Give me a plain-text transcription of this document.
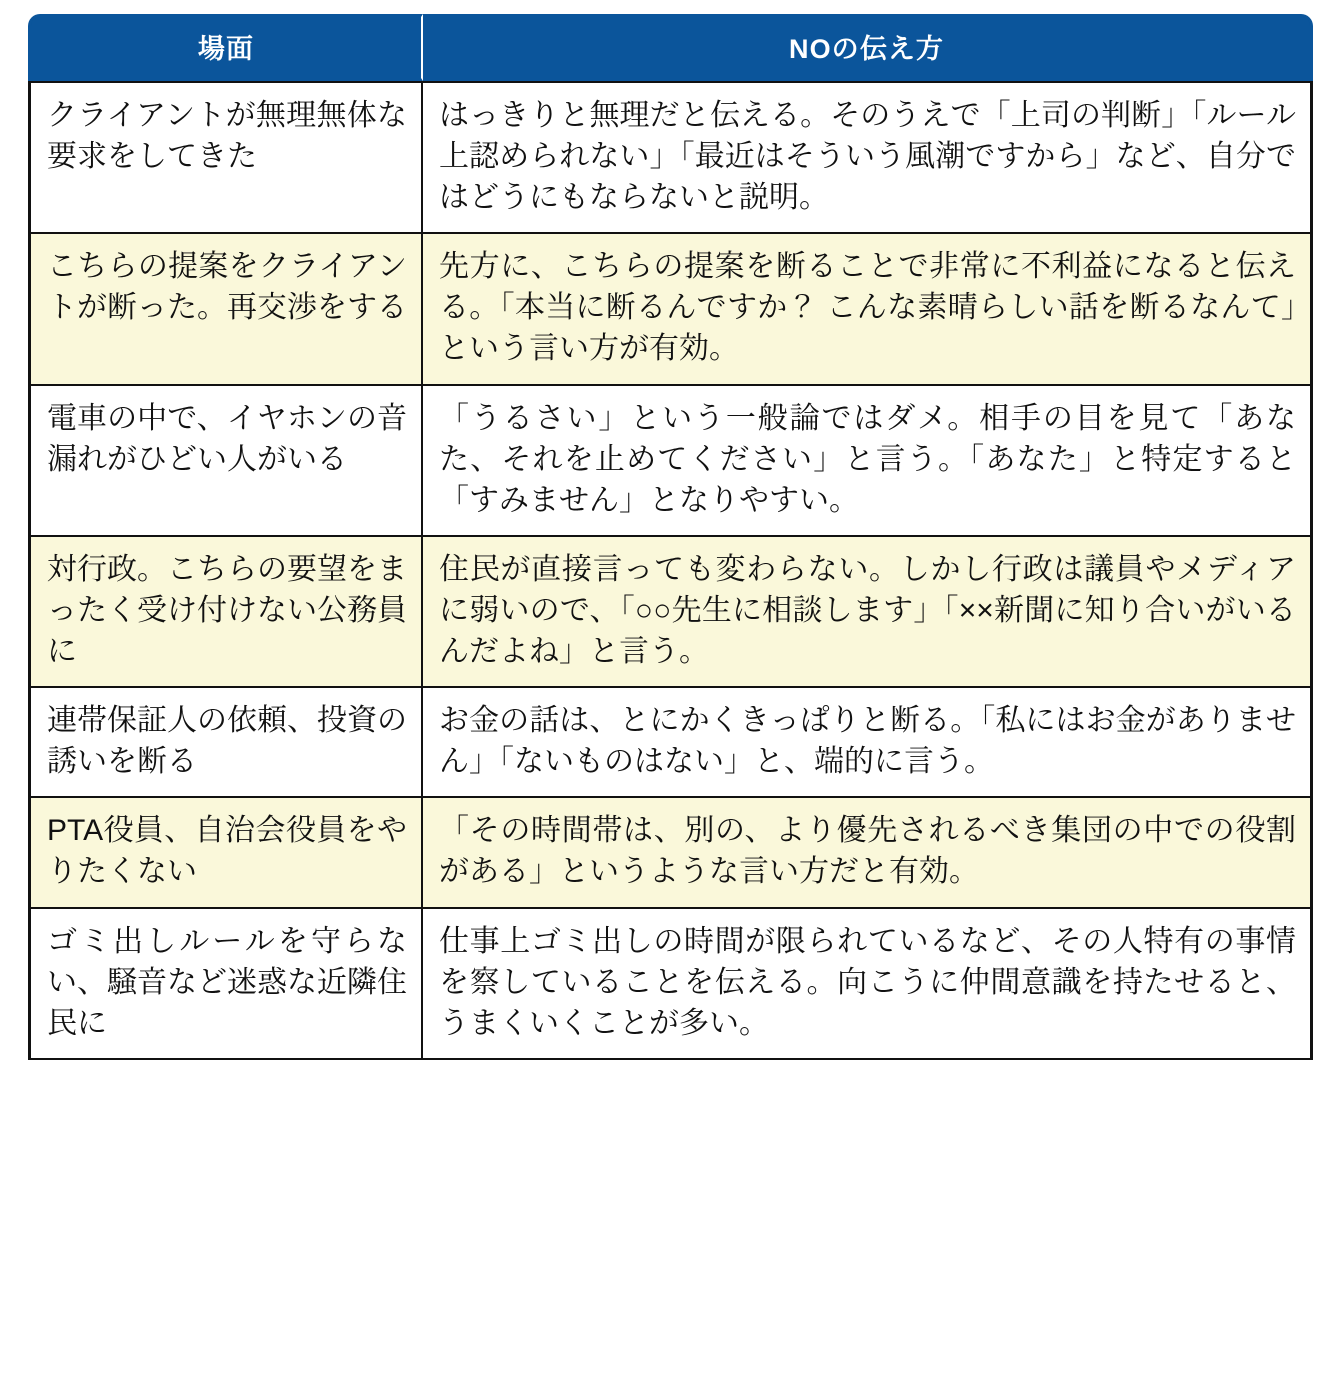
場面	NOの伝え方

クライアントが無理無体な要求をしてきた	はっきりと無理だと伝える。そのうえで「上司の判断」「ルール上認められない」「最近はそういう風潮ですから」など、自分ではどうにもならないと説明。

こちらの提案をクライアントが断った。再交渉をする	先方に、こちらの提案を断ることで非常に不利益になると伝える。「本当に断るんですか？ こんな素晴らしい話を断るなんて」という言い方が有効。

電車の中で、イヤホンの音漏れがひどい人がいる	「うるさい」という一般論ではダメ。相手の目を見て「あなた、それを止めてください」と言う。「あなた」と特定すると「すみません」となりやすい。

対行政。こちらの要望をまったく受け付けない公務員に	住民が直接言っても変わらない。しかし行政は議員やメディアに弱いので、「○○先生に相談します」「××新聞に知り合いがいるんだよね」と言う。

連帯保証人の依頼、投資の誘いを断る	お金の話は、とにかくきっぱりと断る。「私にはお金がありません」「ないものはない」と、端的に言う。

PTA役員、自治会役員をやりたくない	「その時間帯は、別の、より優先されるべき集団の中での役割がある」というような言い方だと有効。

ゴミ出しルールを守らない、騒音など迷惑な近隣住民に	仕事上ゴミ出しの時間が限られているなど、その人特有の事情を察していることを伝える。向こうに仲間意識を持たせると、うまくいくことが多い。
